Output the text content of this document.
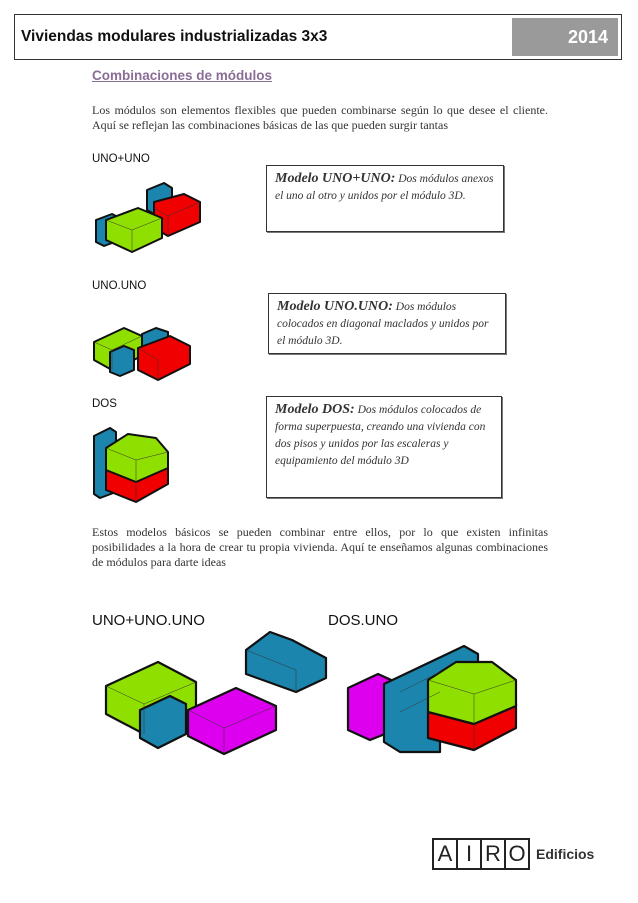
Viviendas modulares industrializadas 3x3	2014
Combinaciones de módulos
Los módulos son elementos flexibles que pueden combinarse según lo que desee el cliente. Aquí se reflejan las combinaciones básicas de las que pueden surgir tantas
UNO+UNO
Modelo UNO+UNO: Dos módulos anexos el uno al otro y unidos por el módulo 3D.
UNO.UNO
Modelo UNO.UNO: Dos módulos colocados en diagonal maclados y unidos por el módulo 3D.
DOS	Modelo DOS: Dos módulos colocados de forma superpuesta, creando una vivienda con dos pisos y unidos por las escaleras y equipamiento del módulo 3D
Estos modelos básicos se pueden combinar entre ellos, por lo que existen infinitas posibilidades a la hora de crear tu propia vivienda. Aquí te enseñamos algunas combinaciones de módulos para darte ideas
UNO+UNO.UNO	DOS.UNO
A I R O Edificios
